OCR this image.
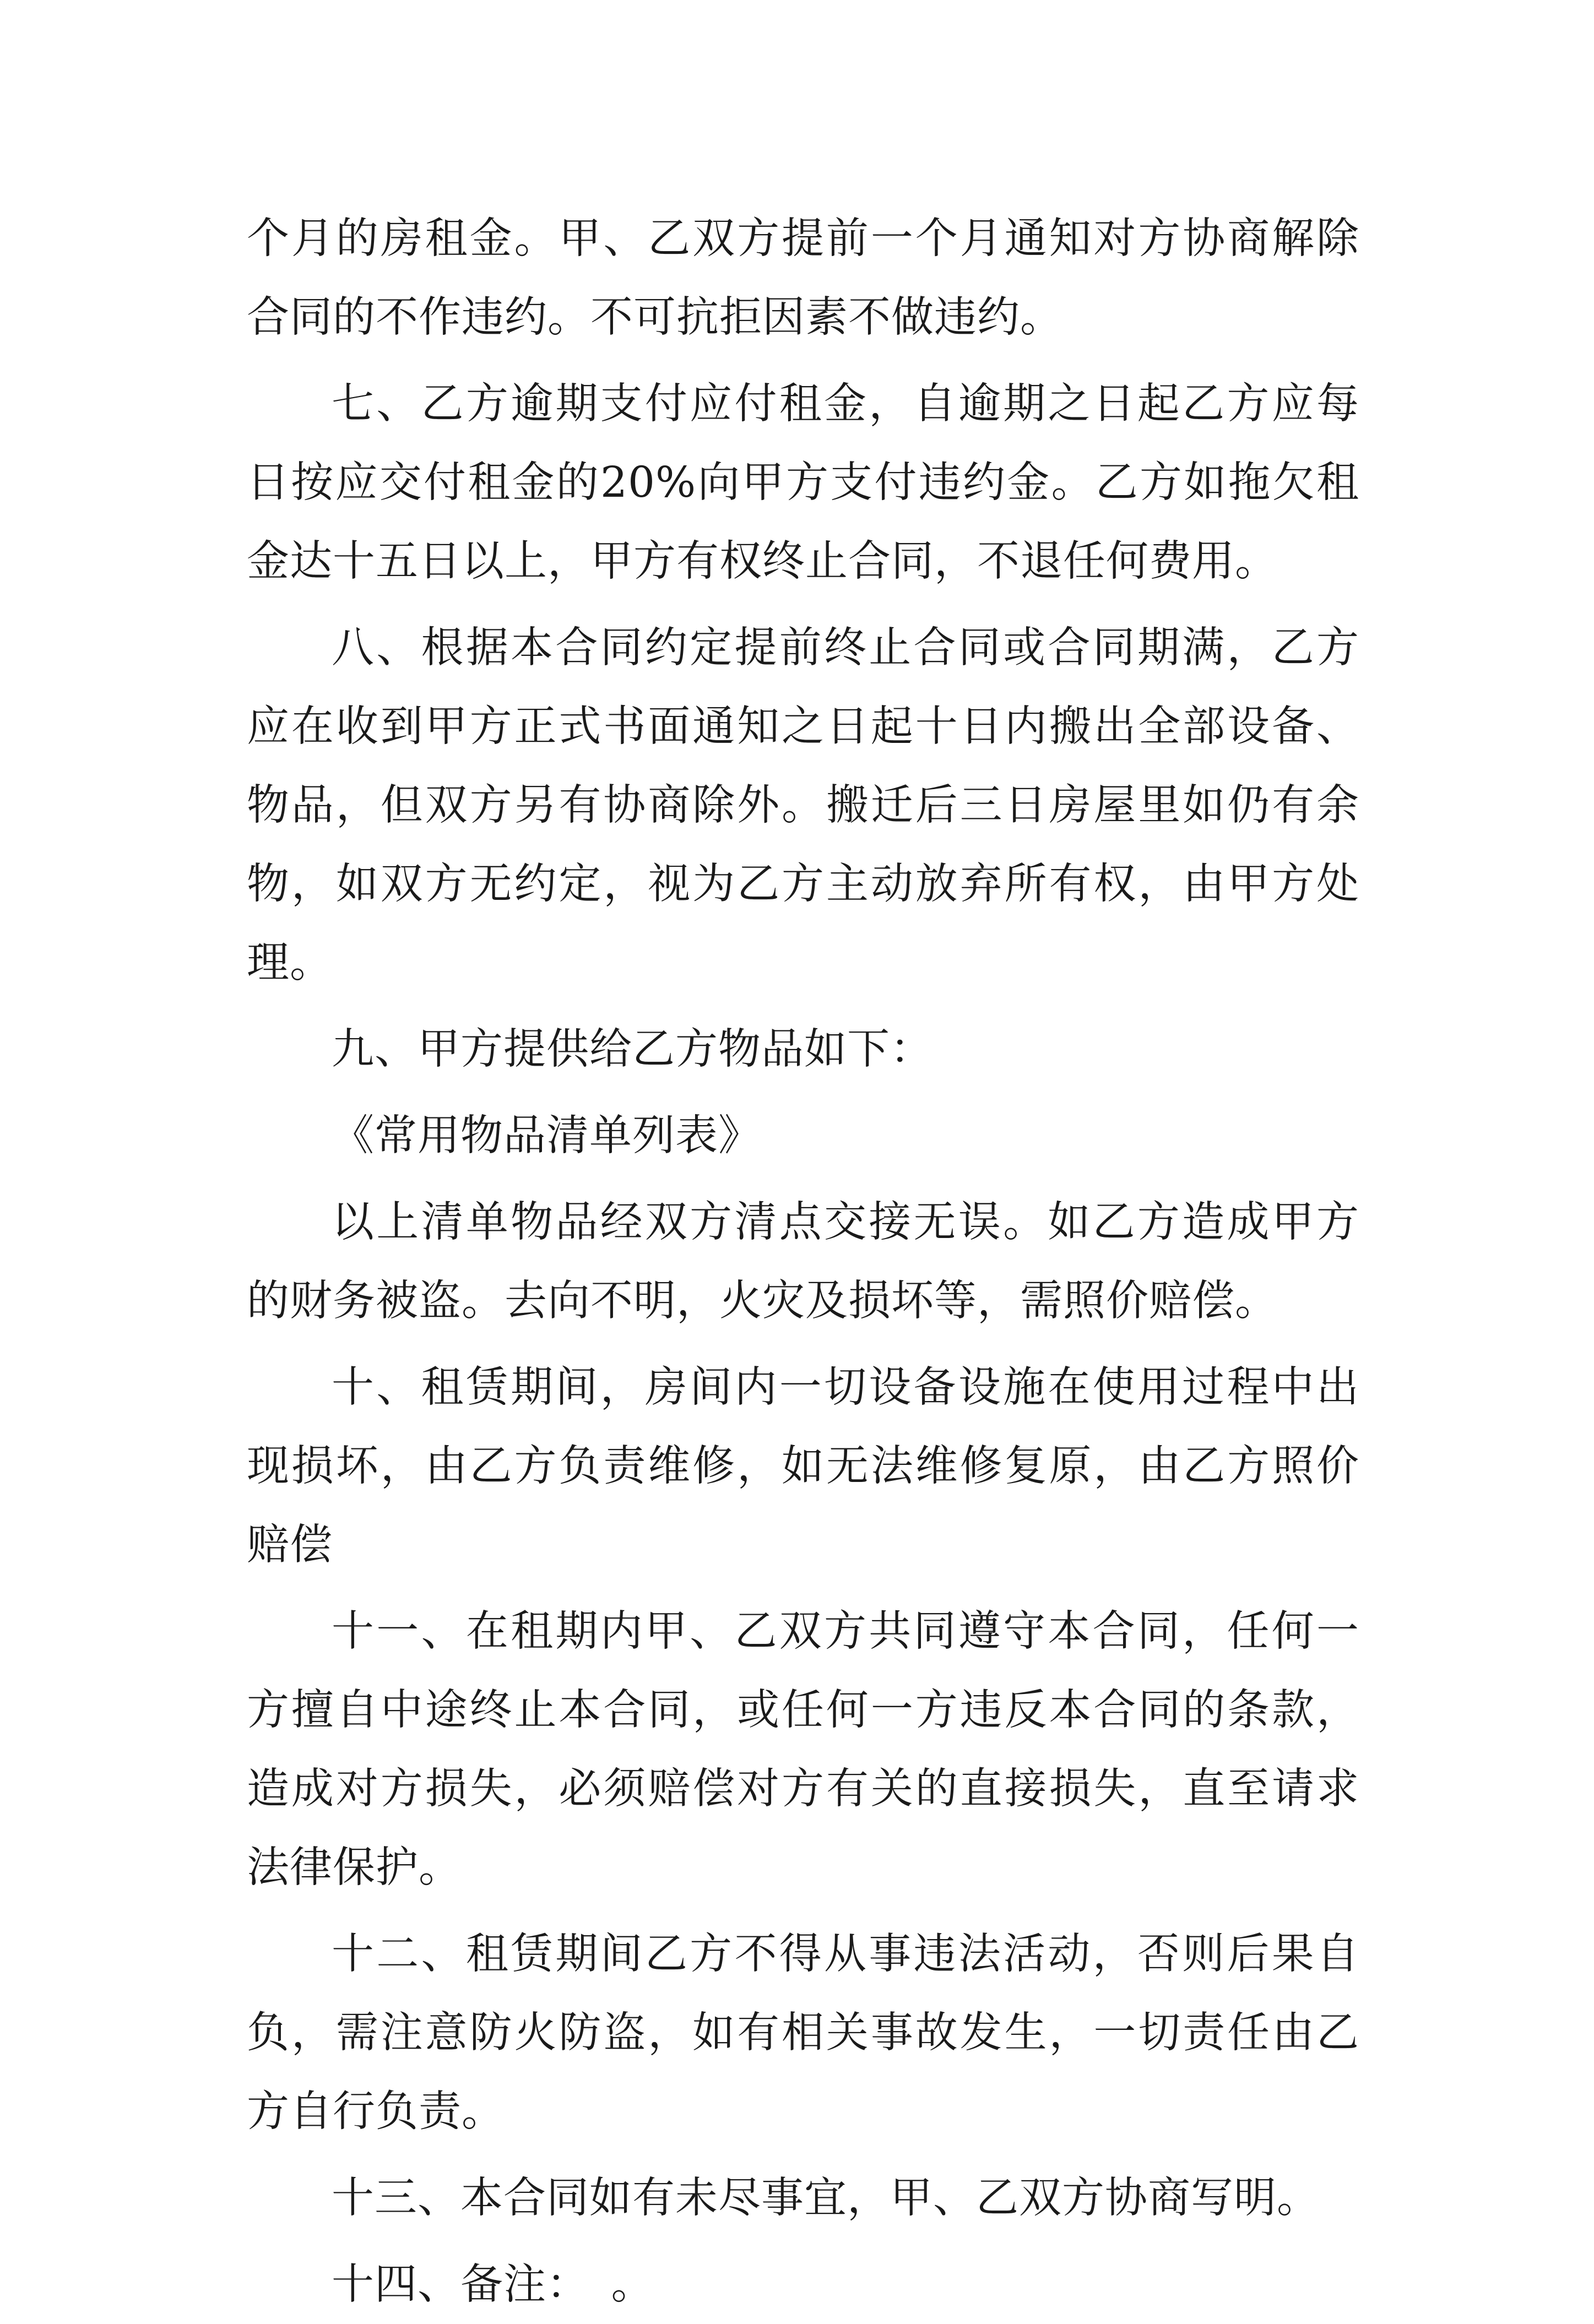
个月的房租金。甲、乙双方提前一个月通知对方协商解除合同的不作违约。不可抗拒因素不做违约。

七、乙方逾期支付应付租金，自逾期之日起乙方应每日按应交付租金的20%向甲方支付违约金。乙方如拖欠租金达十五日以上，甲方有权终止合同，不退任何费用。

八、根据本合同约定提前终止合同或合同期满，乙方应在收到甲方正式书面通知之日起十日内搬出全部设备、物品，但双方另有协商除外。搬迁后三日房屋里如仍有余物，如双方无约定，视为乙方主动放弃所有权，由甲方处理。

九、甲方提供给乙方物品如下：

《常用物品清单列表》

以上清单物品经双方清点交接无误。如乙方造成甲方的财务被盗。去向不明，火灾及损坏等，需照价赔偿。

十、租赁期间，房间内一切设备设施在使用过程中出现损坏，由乙方负责维修，如无法维修复原，由乙方照价赔偿

十一、在租期内甲、乙双方共同遵守本合同，任何一方擅自中途终止本合同，或任何一方违反本合同的条款，造成对方损失，必须赔偿对方有关的直接损失，直至请求法律保护。

十二、租赁期间乙方不得从事违法活动，否则后果自负，需注意防火防盗，如有相关事故发生，一切责任由乙方自行负责。

十三、本合同如有未尽事宜，甲、乙双方协商写明。

十四、备注：　。
